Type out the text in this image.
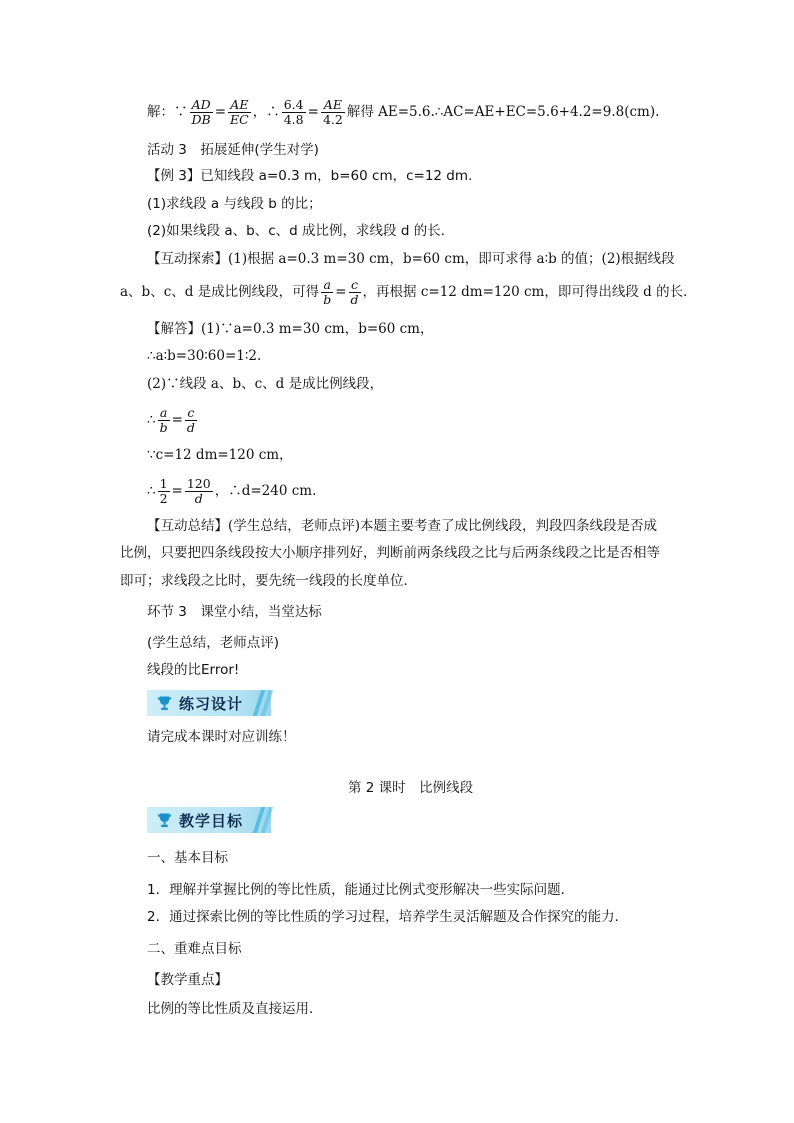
解：∵ $\frac{AD}{DB} = \frac{AE}{EC}$ ，∴ $\frac{6.4}{4.8} = \frac{AE}{4.2}$ 解得 AE=5.6.∴AC=AE+EC=5.6+4.2=9.8(cm).
活动 3　拓展延伸(学生对学)
【例 3】已知线段 a=0.3 m，b=60 cm，c=12 dm.
(1)求线段 a 与线段 b 的比；
(2)如果线段 a、b、c、d 成比例，求线段 d 的长．
【互动探索】(1)根据 a=0.3 m=30 cm，b=60 cm，即可求得 a∶b 的值；(2)根据线段
a、b、c、d 是成比例线段，可得 $\frac{a}{b} = \frac{c}{d}$ ，再根据 c=12 dm=120 cm，即可得出线段 d 的长．
【解答】(1)∵a=0.3 m=30 cm，b=60 cm，
∴a∶b=30∶60=1∶2.
(2)∵线段 a、b、c、d 是成比例线段，
∴ $\frac{a}{b} = \frac{c}{d}$
∵c=12 dm=120 cm，
∴ $\frac{1}{2} = \frac{120}{d}$ ，∴d=240 cm.
【互动总结】(学生总结，老师点评)本题主要考查了成比例线段，判段四条线段是否成
比例，只要把四条线段按大小顺序排列好，判断前两条线段之比与后两条线段之比是否相等
即可；求线段之比时，要先统一线段的长度单位．
环节 3　课堂小结，当堂达标
(学生总结，老师点评)
线段的比Error!
练习设计
请完成本课时对应训练！
第 2 课时　比例线段
教学目标
一、基本目标
1．理解并掌握比例的等比性质，能通过比例式变形解决一些实际问题．
2．通过探索比例的等比性质的学习过程，培养学生灵活解题及合作探究的能力．
二、重难点目标
【教学重点】
比例的等比性质及直接运用．
